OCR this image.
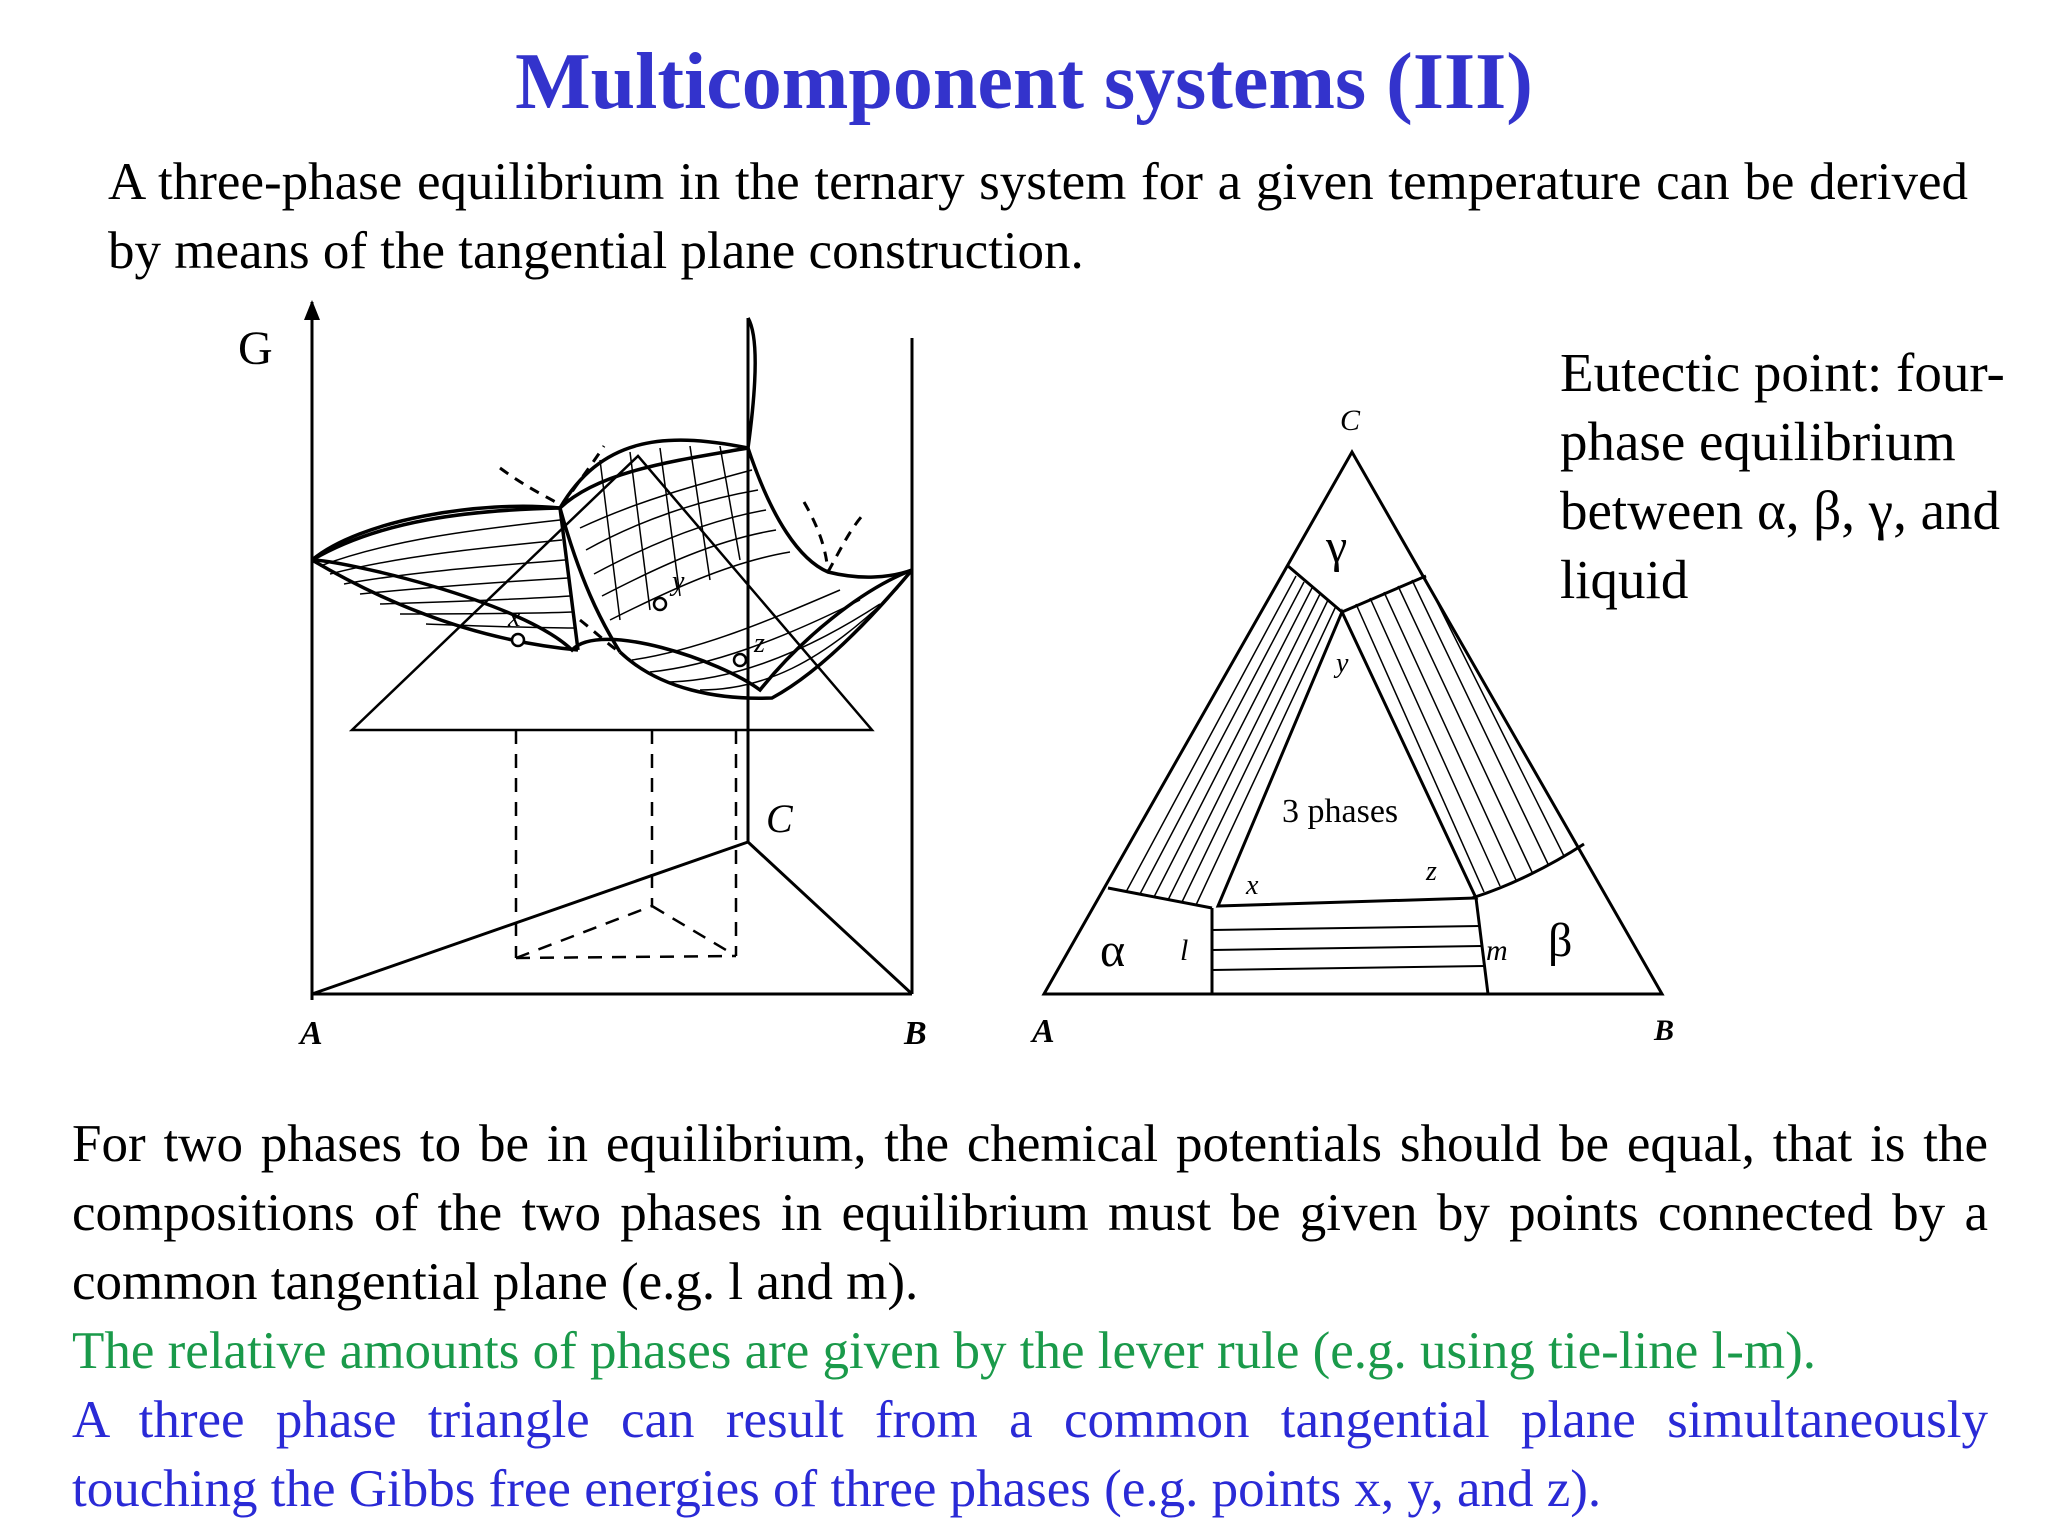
Multicomponent systems (III)
A three-phase equilibrium in the ternary system for a given temperature can be derived by means of the tangential plane construction.
Eutectic point: four-phase equilibrium between α, β, γ, and liquid
G
A	B
C
x
y
z
A	B
C
γ
α	β
3 phases
l	m
x
y
z
For two phases to be in equilibrium, the chemical potentials should be equal, that is the compositions of the two phases in equilibrium must be given by points connected by a common tangential plane (e.g. l and m).
The relative amounts of phases are given by the lever rule (e.g. using tie-line l-m).
A three phase triangle can result from a common tangential plane simultaneously touching the Gibbs free energies of three phases (e.g. points x, y, and z).
